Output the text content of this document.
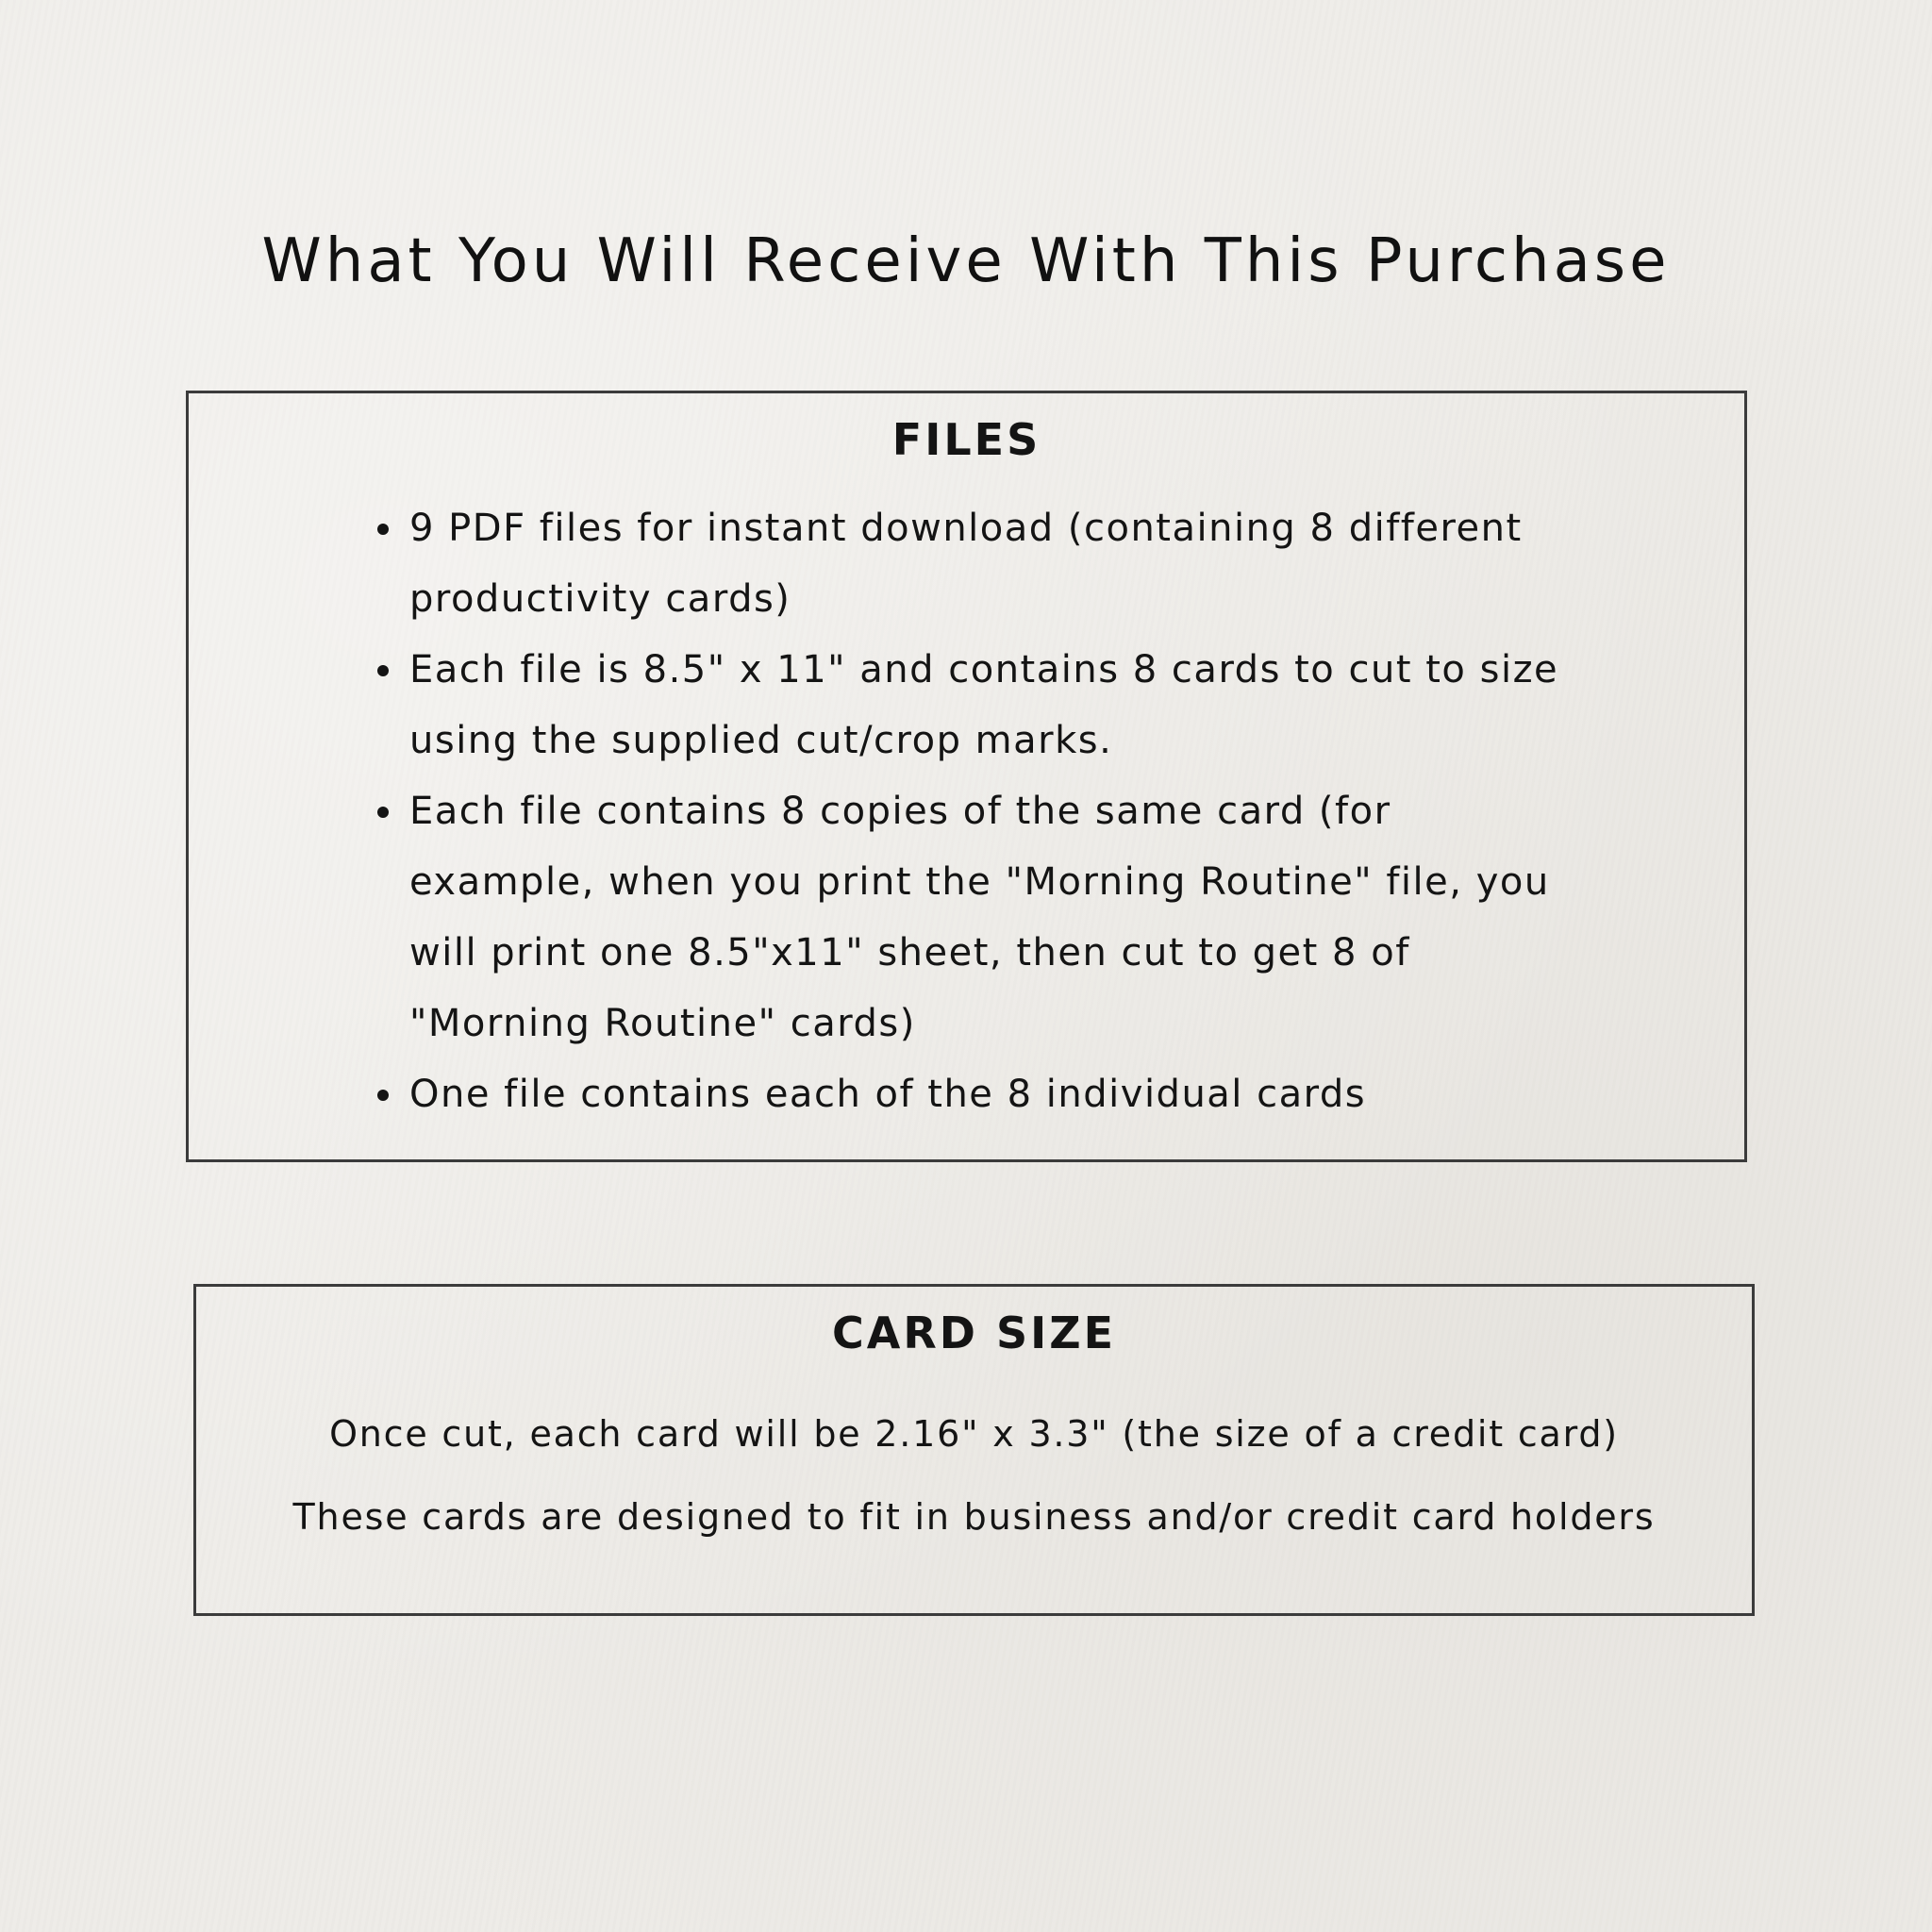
What You Will Receive With This Purchase
FILES
9 PDF files for instant download (containing 8 different productivity cards)
Each file is 8.5" x 11" and contains 8 cards to cut to size using the supplied cut/crop marks.
Each file contains 8 copies of the same card (for example, when you print the "Morning Routine" file, you will print one 8.5"x11" sheet, then cut to get 8 of "Morning Routine" cards)
One file contains each of the 8 individual cards
CARD SIZE

Once cut, each card will be 2.16" x 3.3" (the size of a credit card)

These cards are designed to fit in business and/or credit card holders
